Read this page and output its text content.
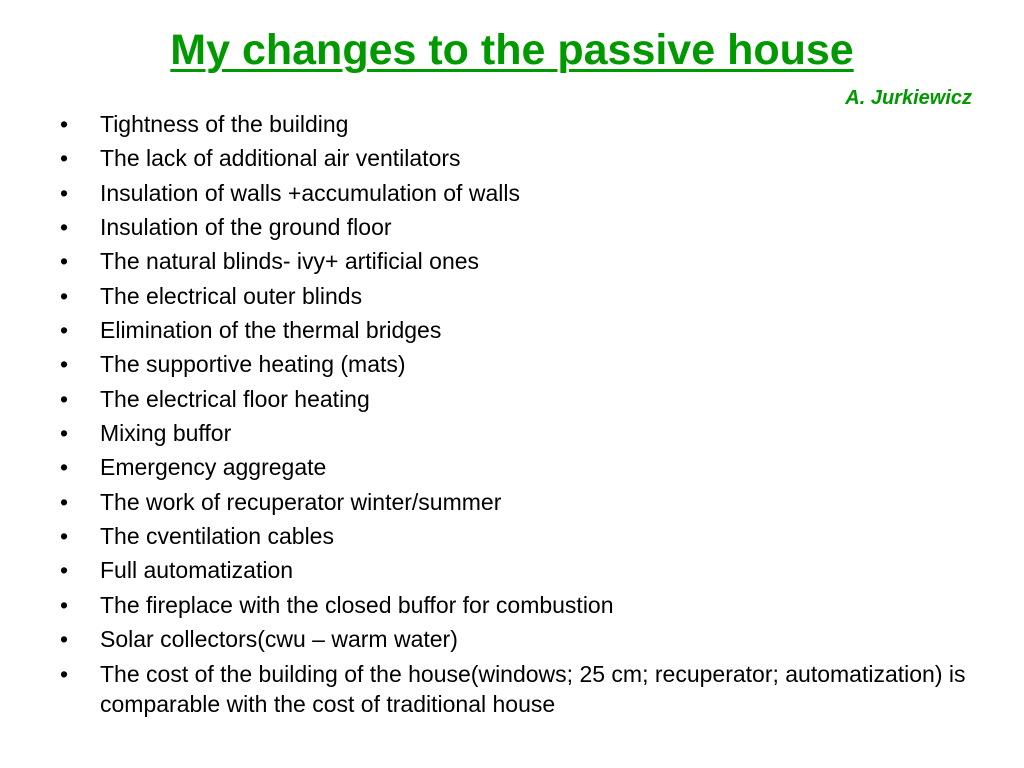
My changes to the passive house

A. Jurkiewicz

•	Tightness of the building
•	The lack of additional air ventilators
•	Insulation of walls +accumulation of walls
•	Insulation of the ground floor
•	The natural blinds- ivy+ artificial ones
•	The electrical outer blinds
•	Elimination of the thermal bridges
•	The supportive heating (mats)
•	The electrical floor heating
•	Mixing buffor
•	Emergency aggregate
•	The work of recuperator winter/summer
•	The cventilation cables
•	Full automatization
•	The fireplace with the closed buffor for combustion
•	Solar collectors(cwu – warm water)
•	The cost of the building of the house(windows; 25 cm; recuperator; automatization) is comparable with the cost of traditional house
